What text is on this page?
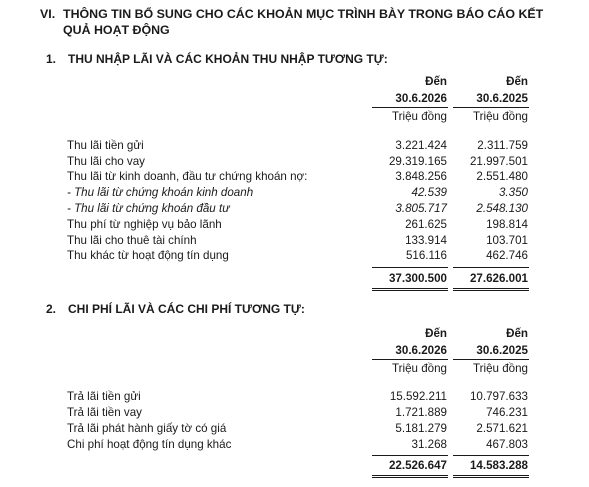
VI. THÔNG TIN BỔ SUNG CHO CÁC KHOẢN MỤC TRÌNH BÀY TRONG BÁO CÁO KẾT
QUẢ HOẠT ĐỘNG
1. THU NHẬP LÃI VÀ CÁC KHOẢN THU NHẬP TƯƠNG TỰ:
Đến	Đến
30.6.2026	30.6.2025
Triệu đồng Triệu đồng
Thu lãi tiền gửi	3.221.424	2.311.759
Thu lãi cho vay	29.319.165 21.997.501
Thu lãi từ kinh doanh, đầu tư chứng khoán nợ:	3.848.256	2.551.480
- Thu lãi từ chứng khoán kinh doanh	42.539	3.350
- Thu lãi từ chứng khoán đầu tư	3.805.717	2.548.130
Thu phí từ nghiệp vụ bảo lãnh	261.625	198.814
Thu lãi cho thuê tài chính	133.914	103.701
Thu khác từ hoạt động tín dụng	516.116	462.746
37.300.500 27.626.001
2. CHI PHÍ LÃI VÀ CÁC CHI PHÍ TƯƠNG TỰ:
Đến	Đến
30.6.2026	30.6.2025
Triệu đồng Triệu đồng
Trả lãi tiền gửi	15.592.211 10.797.633
Trả lãi tiền vay	1.721.889	746.231
Trả lãi phát hành giấy tờ có giá	5.181.279	2.571.621
Chi phí hoạt động tín dụng khác	31.268	467.803
22.526.647 14.583.288
